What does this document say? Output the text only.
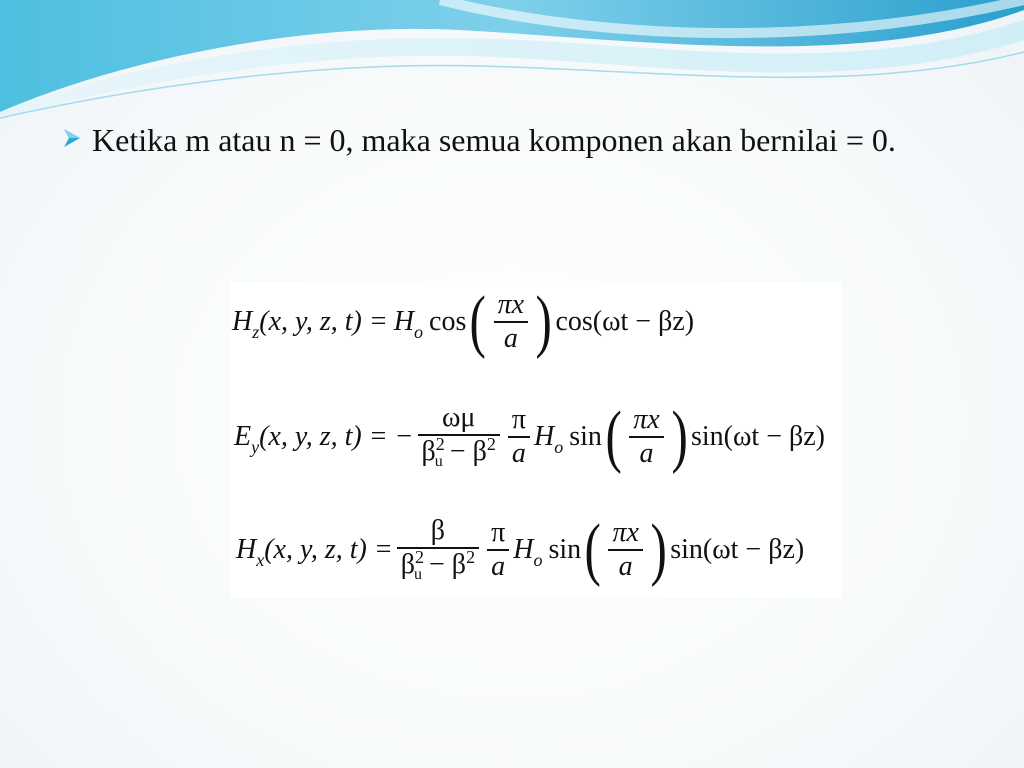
Ketika m atau n = 0, maka semua komponen akan bernilai = 0.
H z (x, y, z, t) = H o cos ( $\frac{\pi x}{a}$ ) cos(ωt − βz)
E y (x, y, z, t) = − $\frac{\omega\mu}{\beta^2_u - \beta^2} \frac{\pi}{a}$ H o sin ( $\frac{\pi x}{a}$ ) sin(ωt − βz)
H x (x, y, z, $t) = \frac{\beta}{\beta^2_u - \beta^2} \frac{\pi}{a}$ H o sin ( $\frac{\pi x}{a}$ ) sin(ωt − βz)
